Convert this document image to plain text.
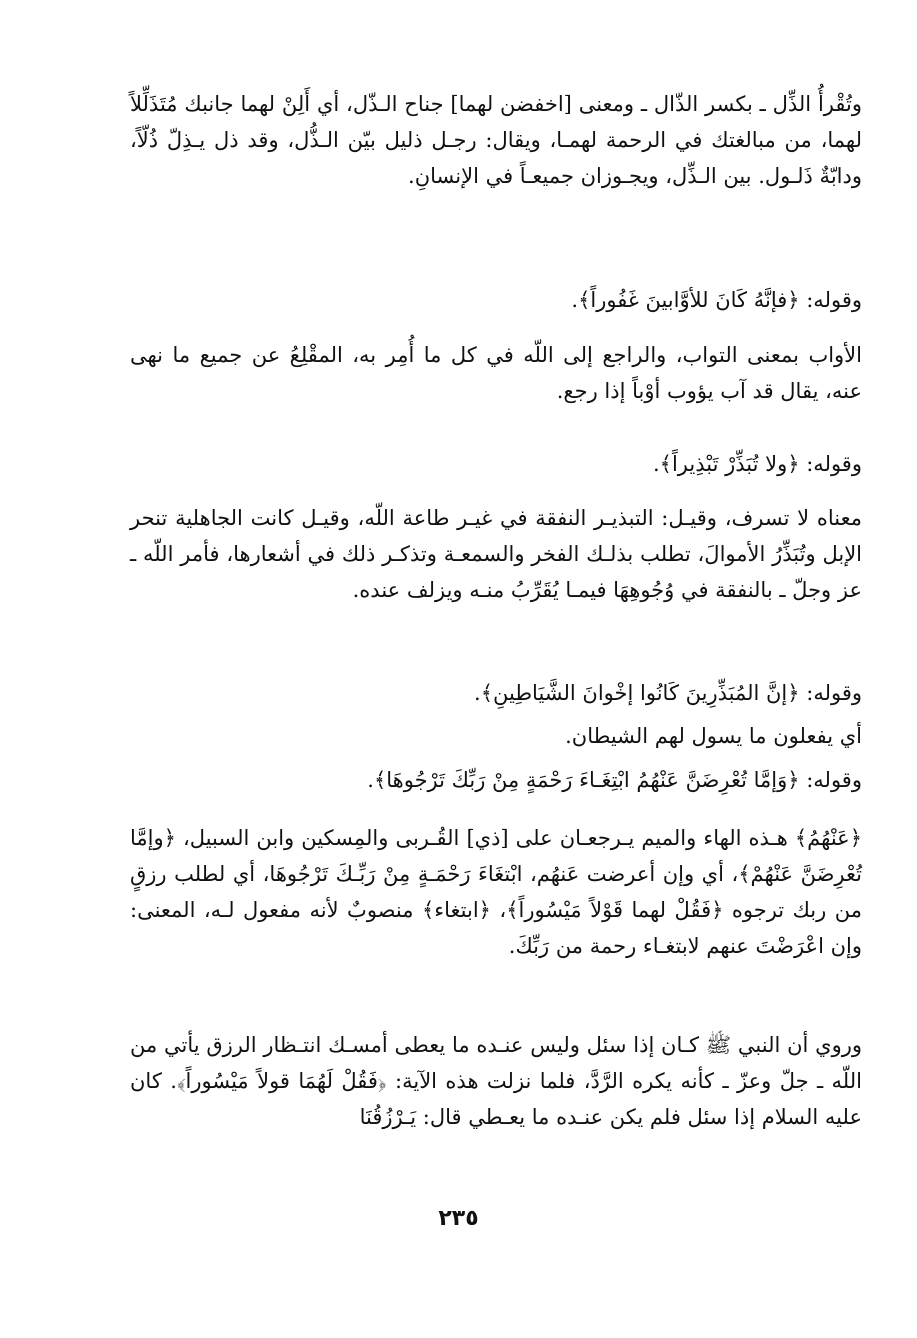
وتُقْرأُ الذِّل ـ بكسر الذّال ـ ومعنى [اخفضن لهما] جناح الـذّل، أي أَلِنْ لهما جانبك مُتَذَلِّلاً لهما، من مبالغتك في الرحمة لهمـا، ويقال: رجـل ذليل بيّن الـذُّل، وقد ذل يـذِلّ ذُلّاً، ودابّةٌ ذَلـول. بين الـذِّل، ويجـوزان جميعـاً في الإنسانِ.

وقوله: ﴿فإنَّهُ كَانَ للأوَّابينَ غَفُوراً﴾.

الأواب بمعنى التواب، والراجع إلى اللّه في كل ما أُمِر به، المقْلِعُ عن جميع ما نهى عنه، يقال قد آب يؤوب أوْباً إذا رجع.

وقوله: ﴿ولا تُبَذِّرْ تَبْذِيراً﴾.

معناه لا تسرف، وقيـل: التبذيـر النفقة في غيـر طاعة اللّه، وقيـل كانت الجاهلية تنحر الإبل وتُبَذِّرُ الأموالَ، تطلب بذلـك الفخر والسمعـة وتذكـر ذلك في أشعارها، فأمر اللّه ـ عز وجلّ ـ بالنفقة في وُجُوهِهَا فيمـا يُقَرِّبُ منـه ويزلف عنده.

وقوله: ﴿إنَّ المُبَذِّرِينَ كَانُوا إخْوانَ الشَّيَاطِينِ﴾.

أي يفعلون ما يسول لهم الشيطان.

وقوله: ﴿وَإمَّا تُعْرِضَنَّ عَنْهُمُ ابْتِغَـاءَ رَحْمَةٍ مِنْ رَبِّكَ تَرْجُوهَا﴾.

﴿عَنْهُمُ﴾ هـذه الهاء والميم يـرجعـان على [ذي] القُـربى والمِسكين وابن السبيل، ﴿وإمَّا تُعْرِضَنَّ عَنْهُمْ﴾، أي وإن أعرضت عَنهُم، ابْتغَاءَ رَحْمَـةٍ مِنْ رَبِّـكَ تَرْجُوهَا، أي لطلب رزقٍ من ربك ترجوه ﴿فَقُلْ لهما قَوْلاً مَيْسُوراً﴾، ﴿ابتغاء﴾ منصوبٌ لأنه مفعول لـه، المعنى: وإن اعْرَضْتَ عنهم لابتغـاء رحمة من رَبِّكَ.

وروي أن النبي ﷺ كـان إذا سئل وليس عنـده ما يعطى أمسـك انتـظار الرزق يأتي من اللّه ـ جلّ وعزّ ـ كأنه يكره الرَّدَّ، فلما نزلت هذه الآية: ﴿فَقُلْ لَهُمَا قولاً مَيْسُوراً﴾. كان عليه السلام إذا سئل فلم يكن عنـده ما يعـطي قال: يَـرْزُقُنَا

٢٣٥
